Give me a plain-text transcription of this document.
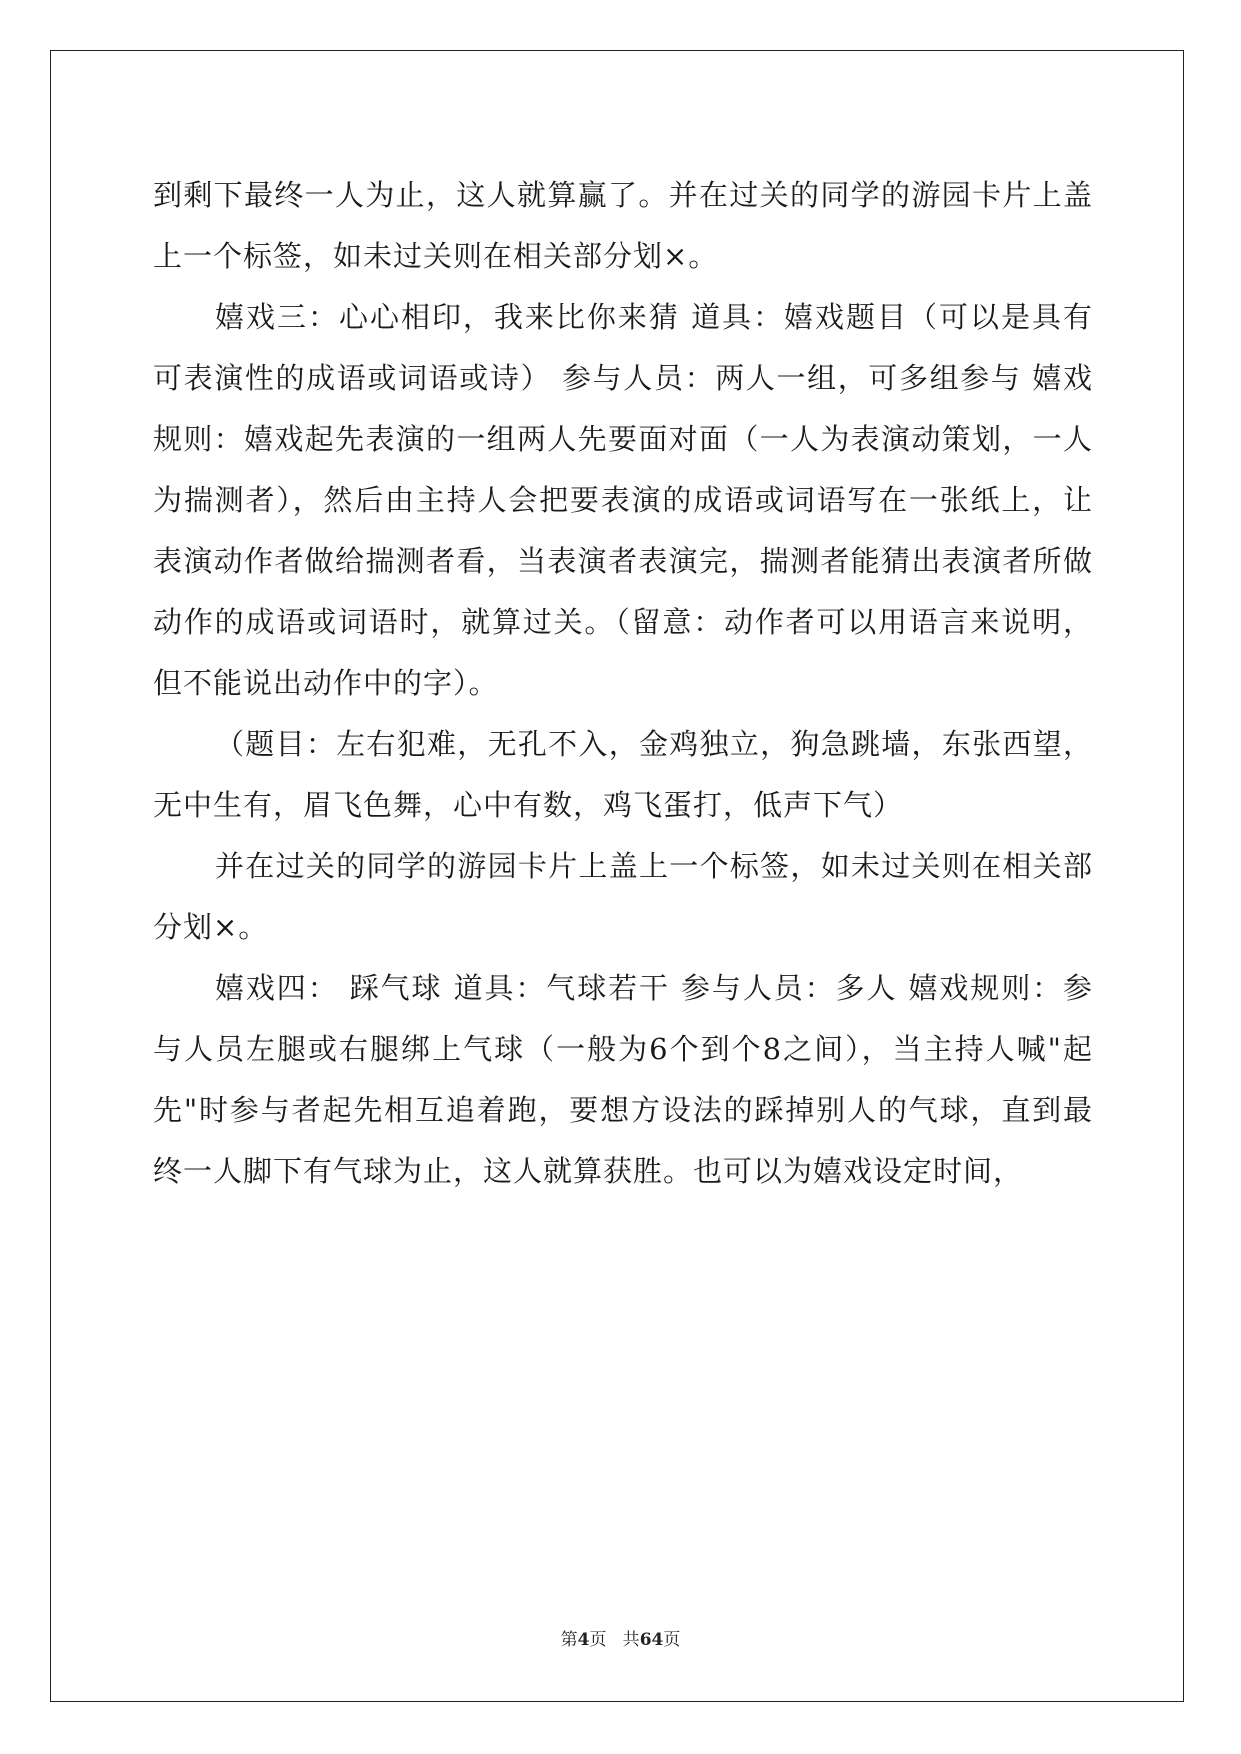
到剩下最终一人为止，这人就算赢了。并在过关的同学的游园卡片上盖上一个标签，如未过关则在相关部分划×。

嬉戏三：心心相印，我来比你来猜 道具：嬉戏题目（可以是具有可表演性的成语或词语或诗） 参与人员：两人一组，可多组参与 嬉戏规则：嬉戏起先表演的一组两人先要面对面（一人为表演动策划，一人为揣测者），然后由主持人会把要表演的成语或词语写在一张纸上，让表演动作者做给揣测者看，当表演者表演完，揣测者能猜出表演者所做动作的成语或词语时，就算过关。（留意：动作者可以用语言来说明，但不能说出动作中的字）。

（题目：左右犯难，无孔不入，金鸡独立，狗急跳墙，东张西望，无中生有，眉飞色舞，心中有数，鸡飞蛋打，低声下气）

并在过关的同学的游园卡片上盖上一个标签，如未过关则在相关部分划×。

嬉戏四： 踩气球 道具：气球若干 参与人员：多人 嬉戏规则：参与人员左腿或右腿绑上气球（一般为6个到个8之间），当主持人喊"起先"时参与者起先相互追着跑，要想方设法的踩掉别人的气球，直到最终一人脚下有气球为止，这人就算获胜。也可以为嬉戏设定时间，

第4页   共64页
